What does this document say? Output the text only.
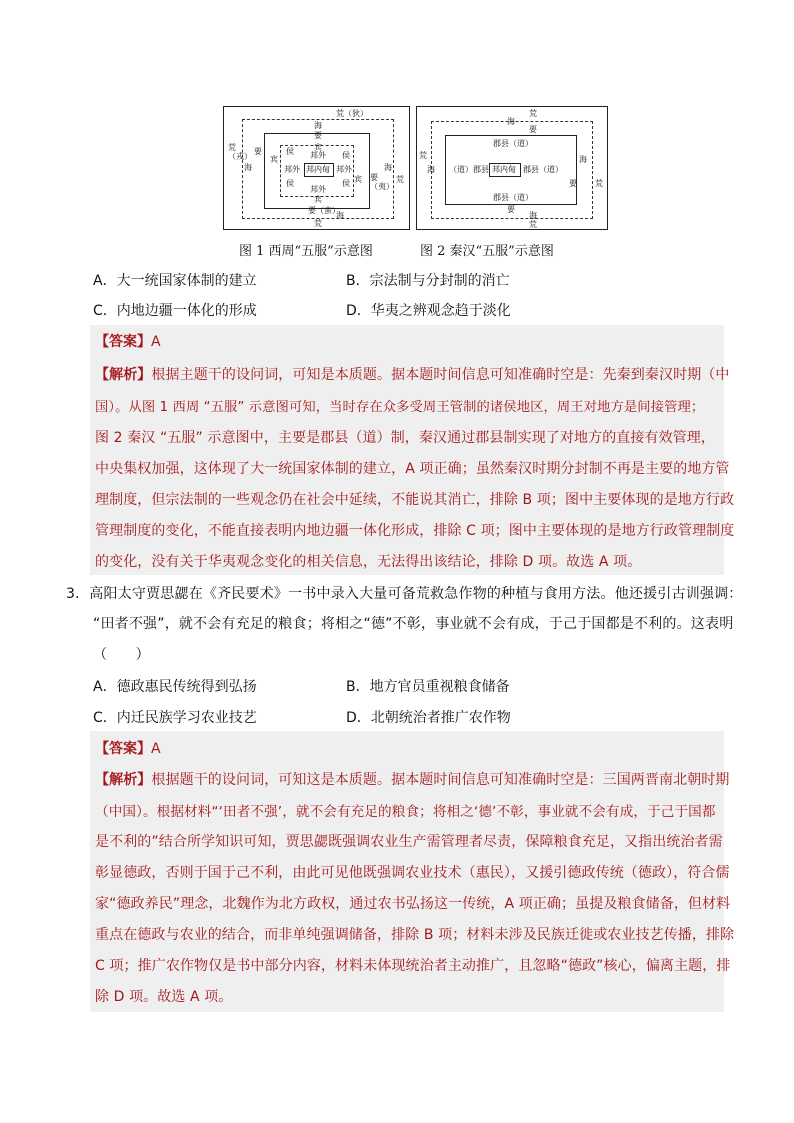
荒（狄）
海
要
宾
侯 邦外 侯
荒（戎）
海
要
宾
邦外 邦内甸 邦外
宾 要（夷）
海
荒
侯	侯
邦外
宾
要（蛮）
海
荒
荒
海
要
郡县（道）
荒
海 （道）郡县 邦内甸 郡县（道）
海
要 荒
郡县（道）
要
海
荒
图 1 西周“五服”示意图	图 2 秦汉“五服”示意图
A．大一统国家体制的建立	B．宗法制与分封制的消亡
C．内地边疆一体化的形成	D．华夷之辨观念趋于淡化
【答案】A
【解析】根据主题干的设问词，可知是本质题。据本题时间信息可知准确时空是：先秦到秦汉时期（中
国）。从图 1 西周 “五服” 示意图可知，当时存在众多受周王管制的诸侯地区，周王对地方是间接管理；
图 2 秦汉 “五服” 示意图中，主要是郡县（道）制，秦汉通过郡县制实现了对地方的直接有效管理，
中央集权加强，这体现了大一统国家体制的建立，A 项正确；虽然秦汉时期分封制不再是主要的地方管
理制度，但宗法制的一些观念仍在社会中延续，不能说其消亡，排除 B 项；图中主要体现的是地方行政
管理制度的变化，不能直接表明内地边疆一体化形成，排除 C 项；图中主要体现的是地方行政管理制度
的变化，没有关于华夷观念变化的相关信息，无法得出该结论，排除 D 项。故选 A 项。
3．高阳太守贾思勰在《齐民要术》一书中录入大量可备荒救急作物的种植与食用方法。他还援引古训强调：
“田者不强”，就不会有充足的粮食；将相之“德”不彰，事业就不会有成，于己于国都是不利的。这表明
（　　）
A．德政惠民传统得到弘扬	B．地方官员重视粮食储备
C．内迁民族学习农业技艺	D．北朝统治者推广农作物
【答案】A
【解析】根据题干的设问词，可知这是本质题。据本题时间信息可知准确时空是：三国两晋南北朝时期
（中国）。根据材料“‘田者不强’，就不会有充足的粮食；将相之‘德’不彰，事业就不会有成，于己于国都
是不利的”结合所学知识可知，贾思勰既强调农业生产需管理者尽责，保障粮食充足，又指出统治者需
彰显德政，否则于国于己不利，由此可见他既强调农业技术（惠民），又援引德政传统（德政），符合儒
家“德政养民”理念，北魏作为北方政权，通过农书弘扬这一传统，A 项正确；虽提及粮食储备，但材料
重点在德政与农业的结合，而非单纯强调储备，排除 B 项；材料未涉及民族迁徙或农业技艺传播，排除
C 项；推广农作物仅是书中部分内容，材料未体现统治者主动推广，且忽略“德政”核心，偏离主题，排
除 D 项。故选 A 项。
